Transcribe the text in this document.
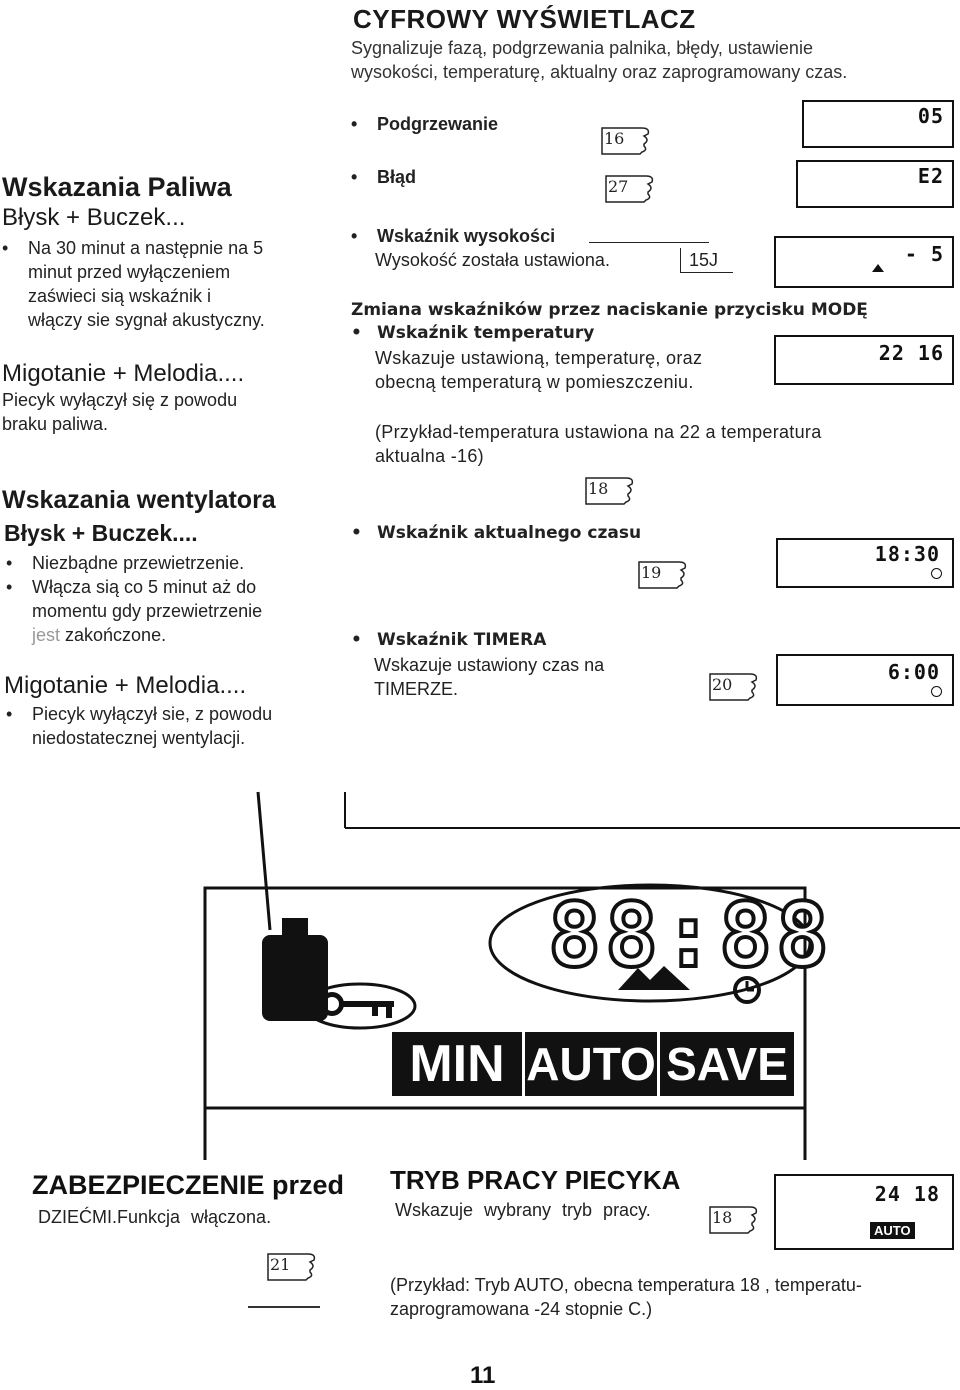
CYFROWY WYŚWIETLACZ
Sygnalizuje fazą, podgrzewania palnika, błędy, ustawienie
wysokości, temperaturę, aktualny oraz zaprogramowany czas.
Wskazania Paliwa
Błysk + Buczek...
• Na 30 minut a następnie na 5
minut przed wyłączeniem
zaświeci sią wskaźnik i
włączy sie sygnał akustyczny.
Migotanie + Melodia....
Piecyk wyłączył się z powodu
braku paliwa.
Wskazania wentylatora
Błysk + Buczek....
• Niezbądne przewietrzenie.
• Włącza sią co 5 minut aż do
momentu gdy przewietrzenie
jest zakończone.
Migotanie + Melodia....
• Piecyk wyłączył sie, z powodu
niedostatecznej wentylacji.
• Podgrzewanie
16
05
• Błąd	27	E2
• Wskaźnik wysokości
Wysokość została ustawiona.	15J	- 5
Zmiana wskaźników przez naciskanie przycisku MODĘ
• Wskaźnik temperatury
Wskazuje ustawioną, temperaturę, oraz
obecną temperaturą w pomieszczeniu.
22 16
(Przykład-temperatura ustawiona na 22 a temperatura
aktualna -16)
18
• Wskaźnik aktualnego czasu
19
18:30
• Wskaźnik TIMERA
Wskazuje ustawiony czas na
TIMERZE.	20
6:00
88:88
MIN AUTO SAVE
ZABEZPIECZENIE przed
DZIEĆMI.Funkcja włączona.
21
TRYB PRACY PIECYKA
Wskazuje wybrany tryb pracy.	18
24 18
AUTO
(Przykład: Tryb AUTO, obecna temperatura 18 , temperatu-
zaprogramowana -24 stopnie C.)
11
